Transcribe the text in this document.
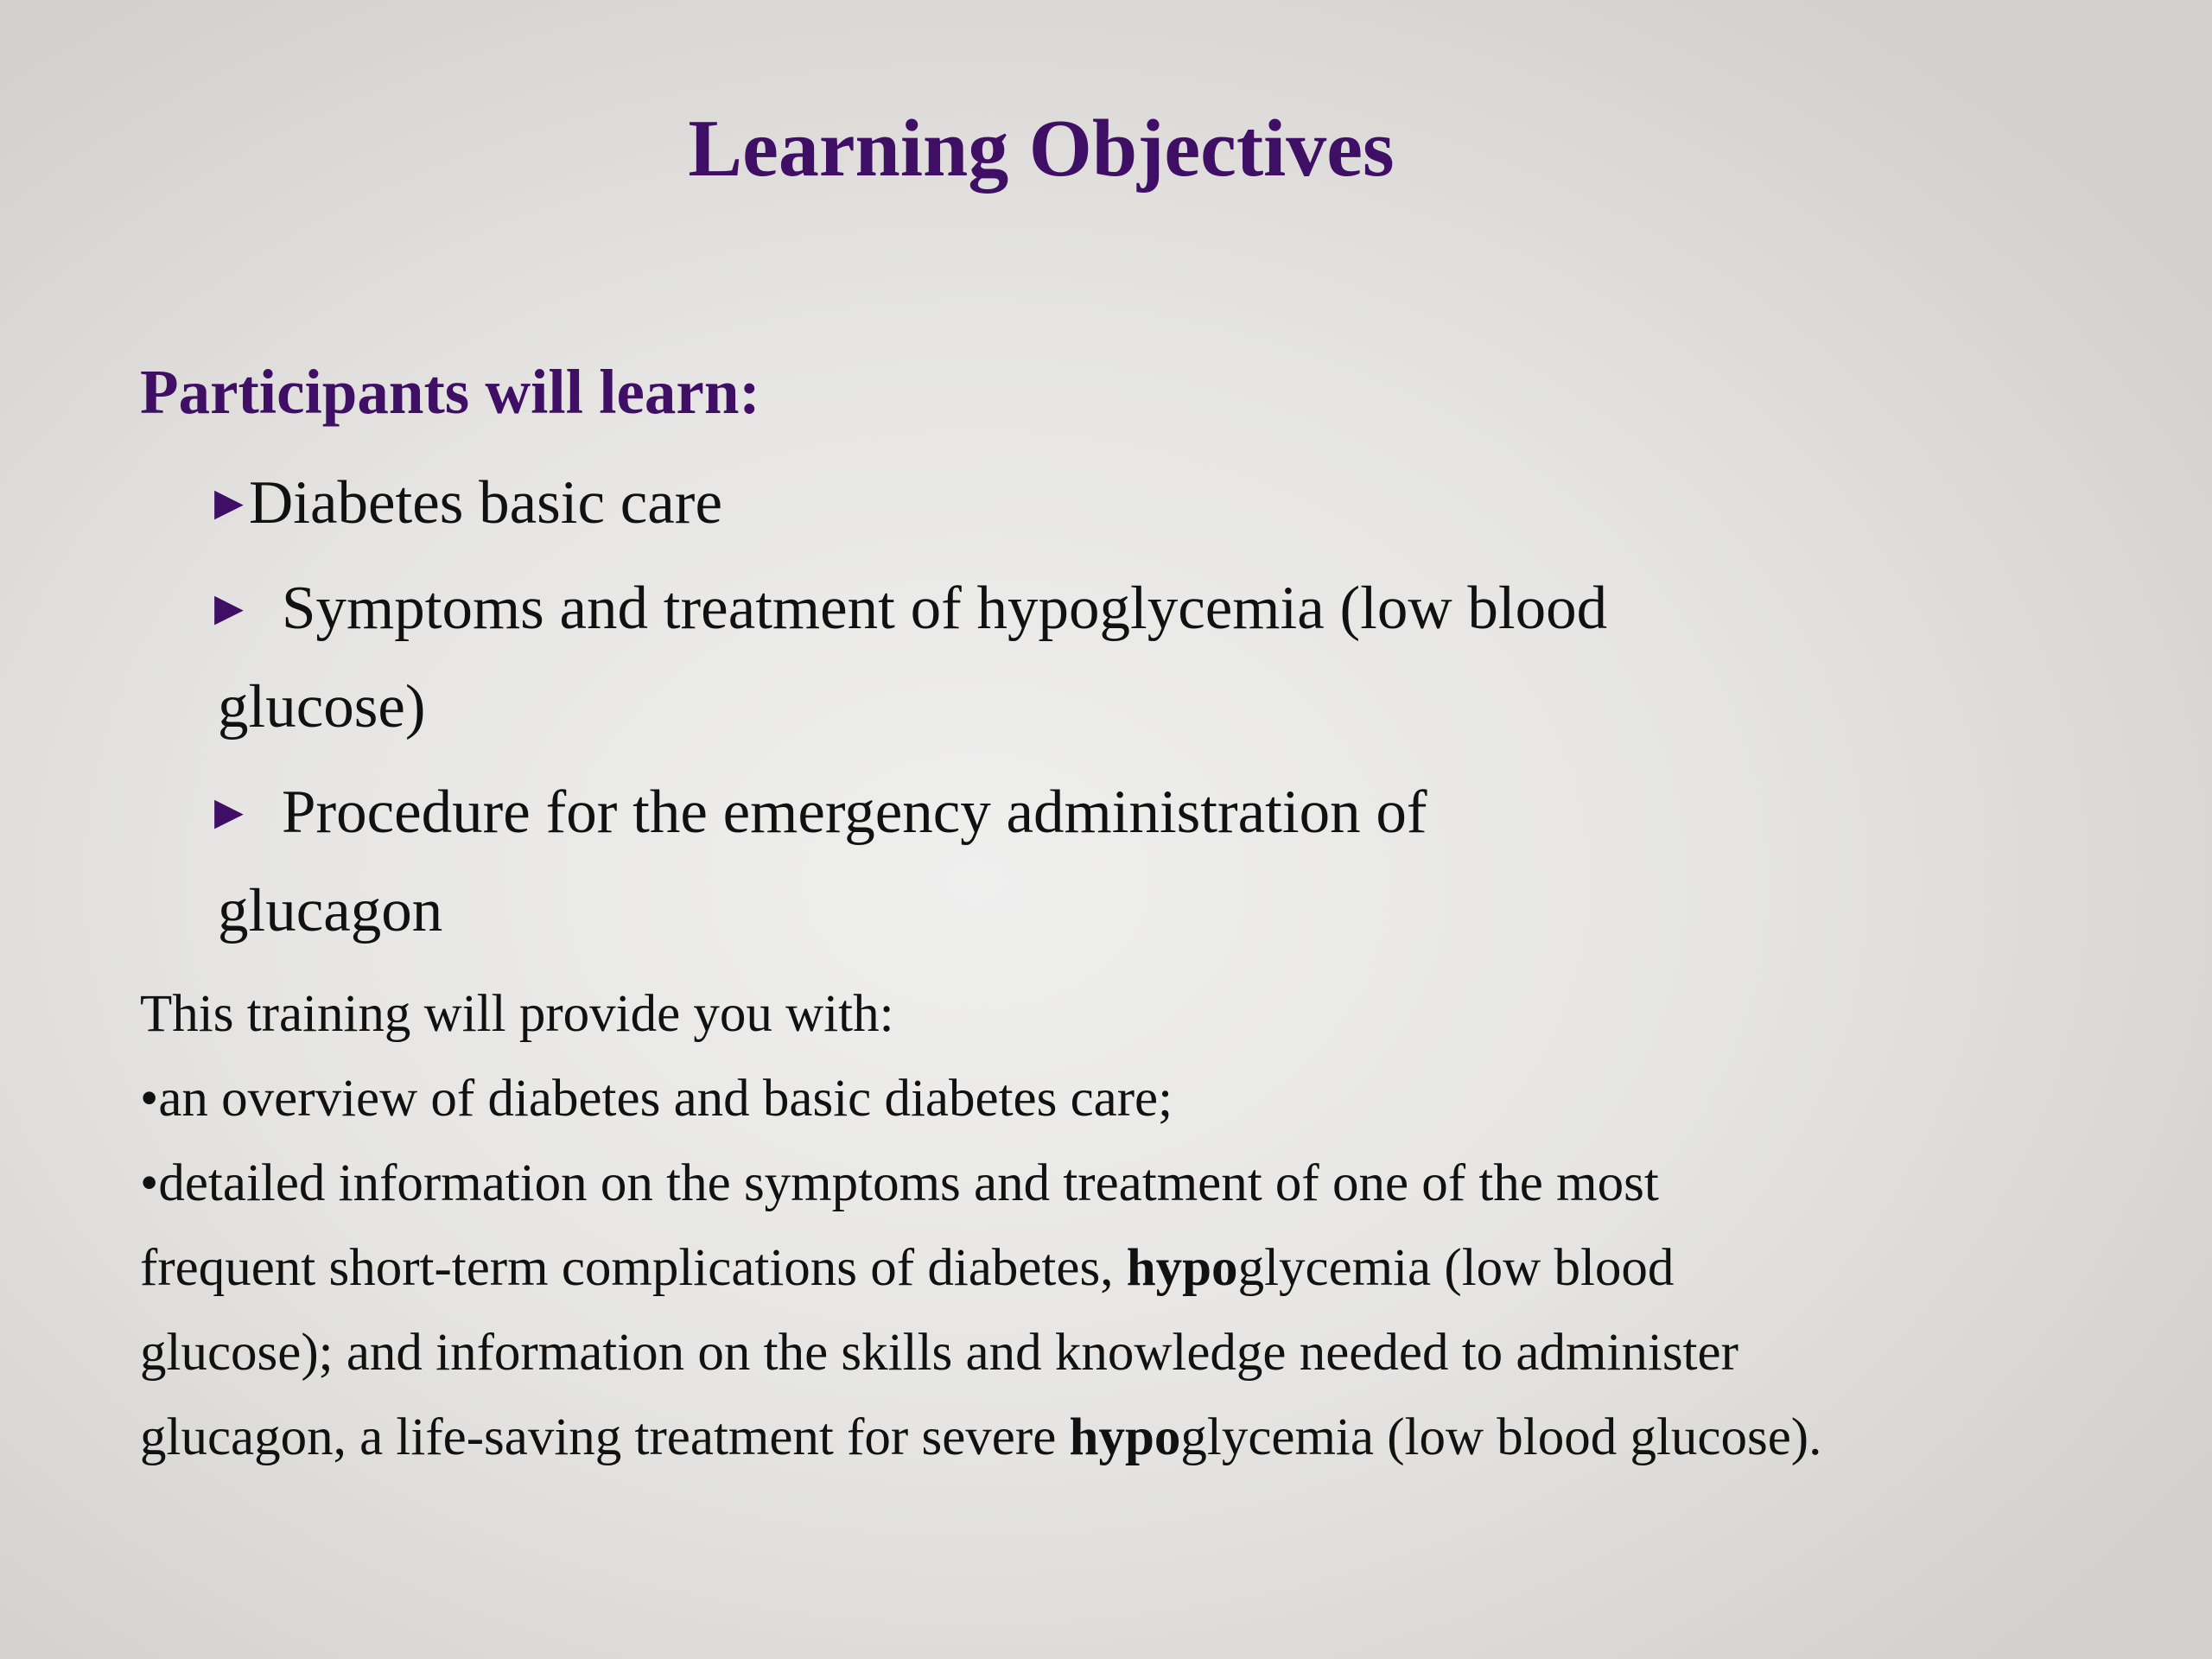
Learning Objectives
Participants will learn:
▶ Diabetes basic care
▶ Symptoms and treatment of hypoglycemia (low blood
glucose)
▶ Procedure for the emergency administration of
glucagon

This training will provide you with:

•an overview of diabetes and basic diabetes care;

•detailed information on the symptoms and treatment of one of the most

frequent short-term complications of diabetes, hypoglycemia (low blood

glucose); and information on the skills and knowledge needed to administer

glucagon, a life-saving treatment for severe hypoglycemia (low blood glucose).
